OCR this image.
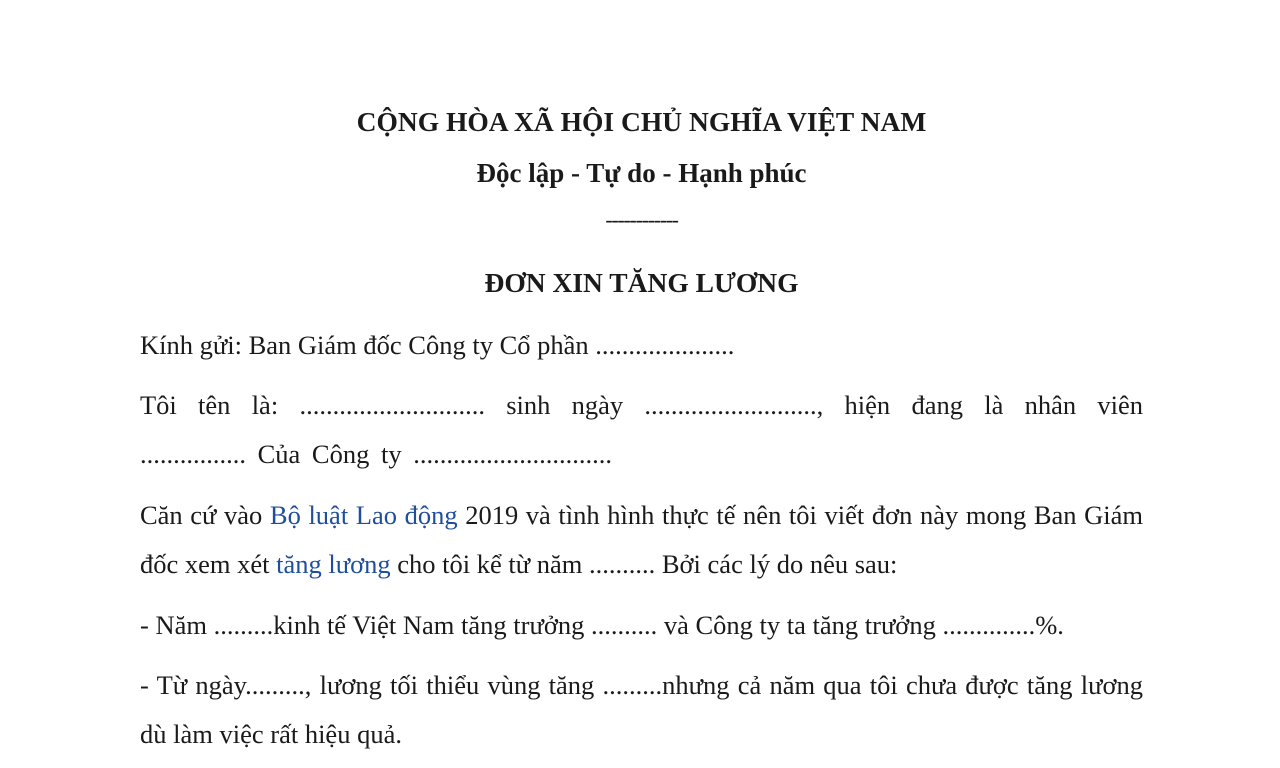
CỘNG HÒA XÃ HỘI CHỦ NGHĨA VIỆT NAM
Độc lập - Tự do - Hạnh phúc
------------
ĐƠN XIN TĂNG LƯƠNG

Kính gửi: Ban Giám đốc Công ty Cổ phần .....................

Tôi tên là: ............................ sinh ngày .........................., hiện đang là nhân viên
................ Của Công ty ..............................

Căn cứ vào Bộ luật Lao động 2019 và tình hình thực tế nên tôi viết đơn này mong Ban Giám đốc xem xét tăng lương cho tôi kể từ năm .......... Bởi các lý do nêu sau:

- Năm .........kinh tế Việt Nam tăng trưởng .......... và Công ty ta tăng trưởng ..............%.

- Từ ngày........., lương tối thiểu vùng tăng .........nhưng cả năm qua tôi chưa được tăng lương dù làm việc rất hiệu quả.
